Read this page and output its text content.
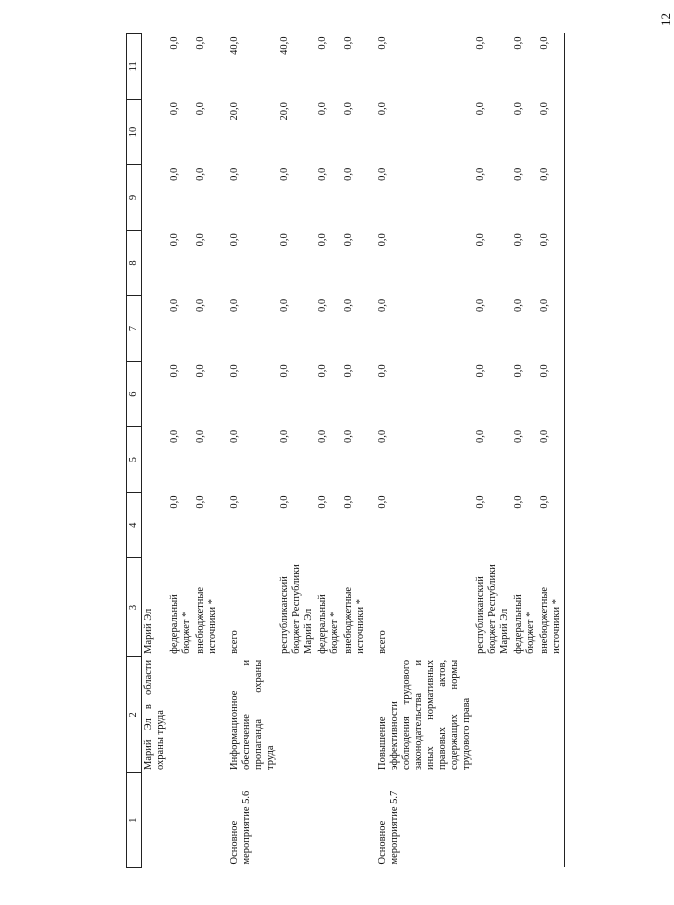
12
1	2	3	4	5	6	7	8	9	10	11
	Марий Эл в области охраны труда	Марий Эл								
		федеральный бюджет *	0,0	0,0	0,0	0,0	0,0	0,0	0,0	0,0
		внебюджетные источники *	0,0	0,0	0,0	0,0	0,0	0,0	0,0	0,0

Основное мероприятие 5.6	Информационное обеспечение и пропаганда охраны труда	всего	0,0	0,0	0,0	0,0	0,0	0,0	20,0	40,0
		республиканский бюджет Республики Марий Эл	0,0	0,0	0,0	0,0	0,0	0,0	20,0	40,0
		федеральный бюджет *	0,0	0,0	0,0	0,0	0,0	0,0	0,0	0,0
		внебюджетные источники *	0,0	0,0	0,0	0,0	0,0	0,0	0,0	0,0

Основное мероприятие 5.7	Повышение эффективности соблюдения трудового законодательства и иных нормативных правовых актов, содержащих нормы трудового права	всего	0,0	0,0	0,0	0,0	0,0	0,0	0,0	0,0
		республиканский бюджет Республики Марий Эл	0,0	0,0	0,0	0,0	0,0	0,0	0,0	0,0
		федеральный бюджет *	0,0	0,0	0,0	0,0	0,0	0,0	0,0	0,0
		внебюджетные источники *	0,0	0,0	0,0	0,0	0,0	0,0	0,0	0,0
